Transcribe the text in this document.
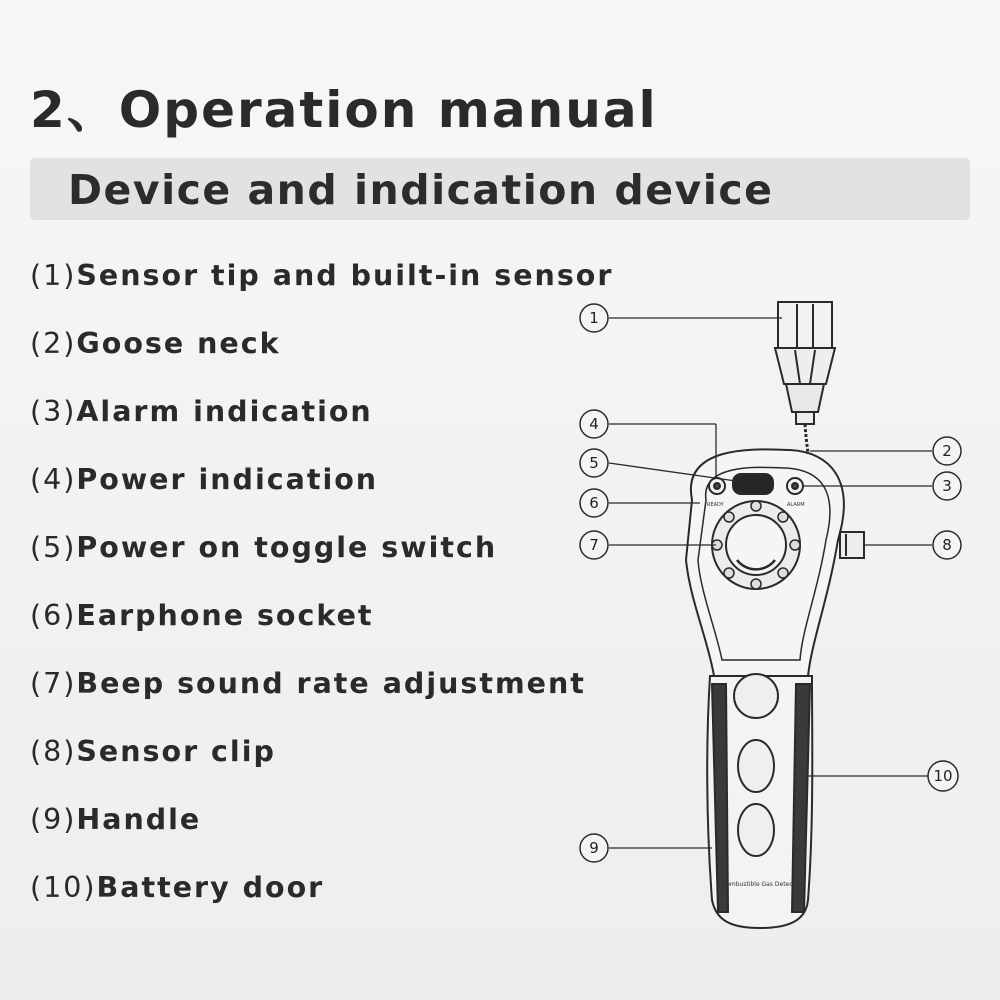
2、Operation manual
Device and indication device
(1)Sensor tip and built-in sensor
(2)Goose neck
(3)Alarm indication
(4)Power indication
(5)Power on toggle switch
(6)Earphone socket
(7)Beep sound rate adjustment
(8)Sensor clip
(9)Handle
(10)Battery door	Combustible Gas Detector
READY	ALARM
1
2
3
4
5
6
7	8
9
10
